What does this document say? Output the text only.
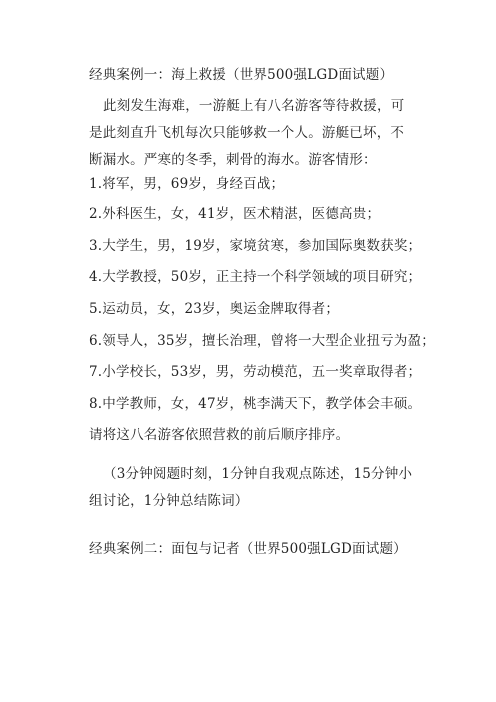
经典案例一：海上救援（世界500强LGD面试题）

此刻发生海难，一游艇上有八名游客等待救援，可是此刻直升飞机每次只能够救一个人。游艇已坏，不断漏水。严寒的冬季，刺骨的海水。游客情形：

1.将军，男，69岁，身经百战；

2.外科医生，女，41岁，医术精湛，医德高贵；

3.大学生，男，19岁，家境贫寒，参加国际奥数获奖；

4.大学教授，50岁，正主持一个科学领域的项目研究；

5.运动员，女，23岁，奥运金牌取得者；

6.领导人，35岁，擅长治理，曾将一大型企业扭亏为盈；

7.小学校长，53岁，男，劳动模范，五一奖章取得者；

8.中学教师，女，47岁，桃李满天下，教学体会丰硕。

请将这八名游客依照营救的前后顺序排序。

（3分钟阅题时刻，1分钟自我观点陈述，15分钟小组讨论，1分钟总结陈词）

经典案例二：面包与记者（世界500强LGD面试题）
